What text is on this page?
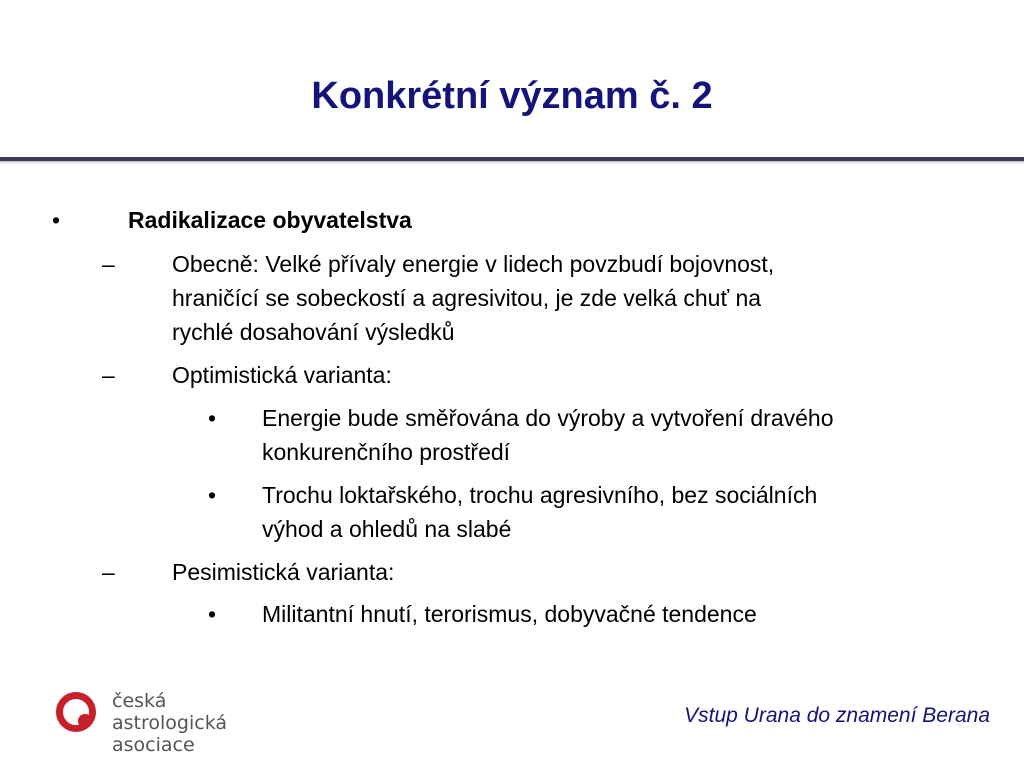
Konkrétní význam č. 2
•	Radikalizace obyvatelstva
– Obecně: Velké přívaly energie v lidech povzbudí bojovnost,
hraničící se sobeckostí a agresivitou, je zde velká chuť na
rychlé dosahování výsledků
– Optimistická varianta:
• Energie bude směřována do výroby a vytvoření dravého
konkurenčního prostředí
• Trochu loktařského, trochu agresivního, bez sociálních
výhod a ohledů na slabé
– Pesimistická varianta:
• Militantní hnutí, terorismus, dobyvačné tendence
česká astrologická
asociace
Vstup Urana do znamení Berana
